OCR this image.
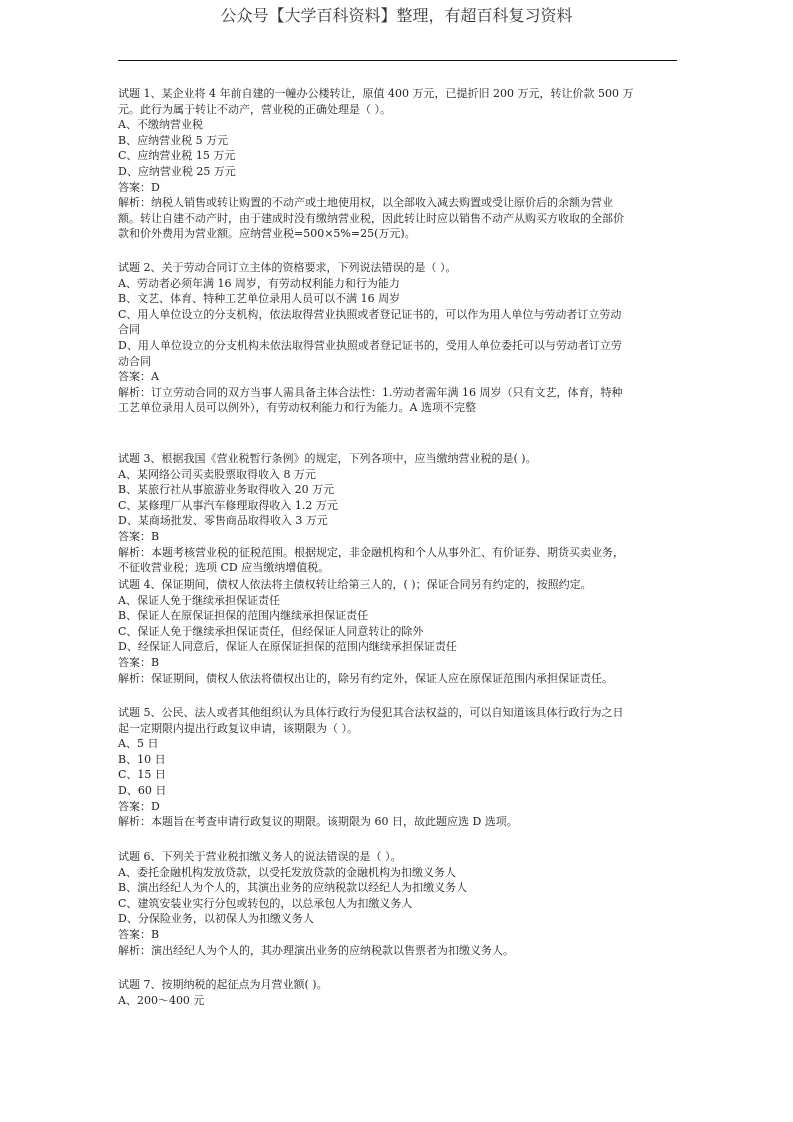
公众号【大学百科资料】整理，有超百科复习资料
试题 1、某企业将 4 年前自建的一幢办公楼转让，原值 400 万元，已提折旧 200 万元，转让价款 500 万
元。此行为属于转让不动产，营业税的正确处理是（ ）。
A、不缴纳营业税
B、应纳营业税 5 万元
C、应纳营业税 15 万元
D、应纳营业税 25 万元
答案：D
解析：纳税人销售或转让购置的不动产或土地使用权，以全部收入减去购置或受让原价后的余额为营业
额。转让自建不动产时，由于建成时没有缴纳营业税，因此转让时应以销售不动产从购买方收取的全部价
款和价外费用为营业额。应纳营业税=500×5%=25(万元)。
试题 2、关于劳动合同订立主体的资格要求，下列说法错误的是（ ）。
A、劳动者必须年满 16 周岁，有劳动权利能力和行为能力
B、文艺、体育、特种工艺单位录用人员可以不满 16 周岁
C、用人单位设立的分支机构，依法取得营业执照或者登记证书的，可以作为用人单位与劳动者订立劳动
合同
D、用人单位设立的分支机构未依法取得营业执照或者登记证书的，受用人单位委托可以与劳动者订立劳
动合同
答案：A
解析：订立劳动合同的双方当事人需具备主体合法性：1.劳动者需年满 16 周岁（只有文艺，体育，特种
工艺单位录用人员可以例外），有劳动权利能力和行为能力。A 选项不完整
试题 3、根据我国《营业税暂行条例》的规定，下列各项中，应当缴纳营业税的是( )。
A、某网络公司买卖股票取得收入 8 万元
B、某旅行社从事旅游业务取得收入 20 万元
C、某修理厂从事汽车修理取得收入 1.2 万元
D、某商场批发、零售商品取得收入 3 万元
答案：B
解析：本题考核营业税的征税范围。根据规定，非金融机构和个人从事外汇、有价证券、期货买卖业务，
不征收营业税；选项 CD 应当缴纳增值税。
试题 4、保证期间，债权人依法将主债权转让给第三人的，( )；保证合同另有约定的，按照约定。
A、保证人免于继续承担保证责任
B、保证人在原保证担保的范围内继续承担保证责任
C、保证人免于继续承担保证责任，但经保证人同意转让的除外
D、经保证人同意后，保证人在原保证担保的范围内继续承担保证责任
答案：B
解析：保证期间，债权人依法将债权出让的，除另有约定外，保证人应在原保证范围内承担保证责任。
试题 5、公民、法人或者其他组织认为具体行政行为侵犯其合法权益的，可以自知道该具体行政行为之日
起一定期限内提出行政复议申请，该期限为（ ）。
A、5 日
B、10 日
C、15 日
D、60 日
答案：D
解析：本题旨在考查申请行政复议的期限。该期限为 60 日，故此题应选 D 选项。
试题 6、下列关于营业税扣缴义务人的说法错误的是（ ）。
A、委托金融机构发放贷款，以受托发放贷款的金融机构为扣缴义务人
B、演出经纪人为个人的，其演出业务的应纳税款以经纪人为扣缴义务人
C、建筑安装业实行分包或转包的，以总承包人为扣缴义务人
D、分保险业务，以初保人为扣缴义务人
答案：B
解析：演出经纪人为个人的，其办理演出业务的应纳税款以售票者为扣缴义务人。
试题 7、按期纳税的起征点为月营业额( )。
A、200～400 元
